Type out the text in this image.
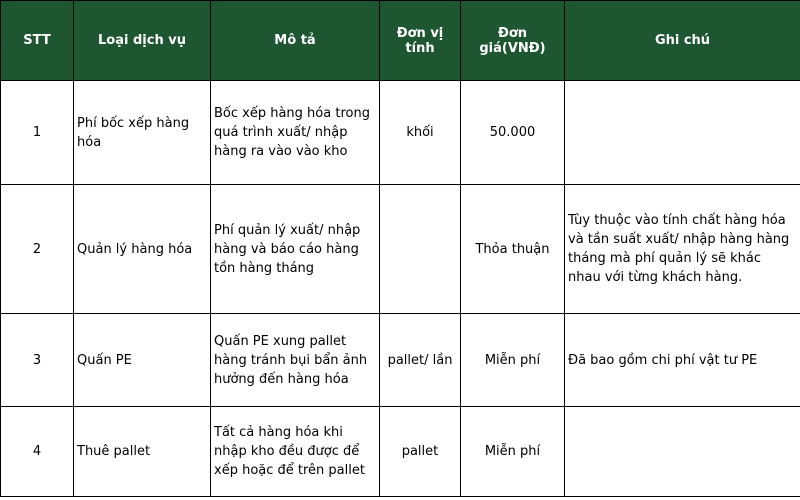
STT	Loại dịch vụ	Mô tả	Đơn vị tính	Đơn giá(VNĐ)	Ghi chú
1	Phí bốc xếp hàng hóa	Bốc xếp hàng hóa trong quá trình xuất/ nhập hàng ra vào vào kho	khối	50.000	
2	Quản lý hàng hóa	Phí quản lý xuất/ nhập hàng và báo cáo hàng tồn hàng tháng		Thỏa thuận	Tùy thuộc vào tính chất hàng hóa và tần suất xuất/ nhập hàng hàng tháng mà phí quản lý sẽ khác nhau với từng khách hàng.
3	Quấn PE	Quấn PE xung pallet hàng tránh bụi bẩn ảnh hưởng đến hàng hóa	pallet/ lần	Miễn phí	Đã bao gồm chi phí vật tư PE
4	Thuê pallet	Tất cả hàng hóa khi nhập kho đều được để xếp hoặc để trên pallet	pallet	Miễn phí	
